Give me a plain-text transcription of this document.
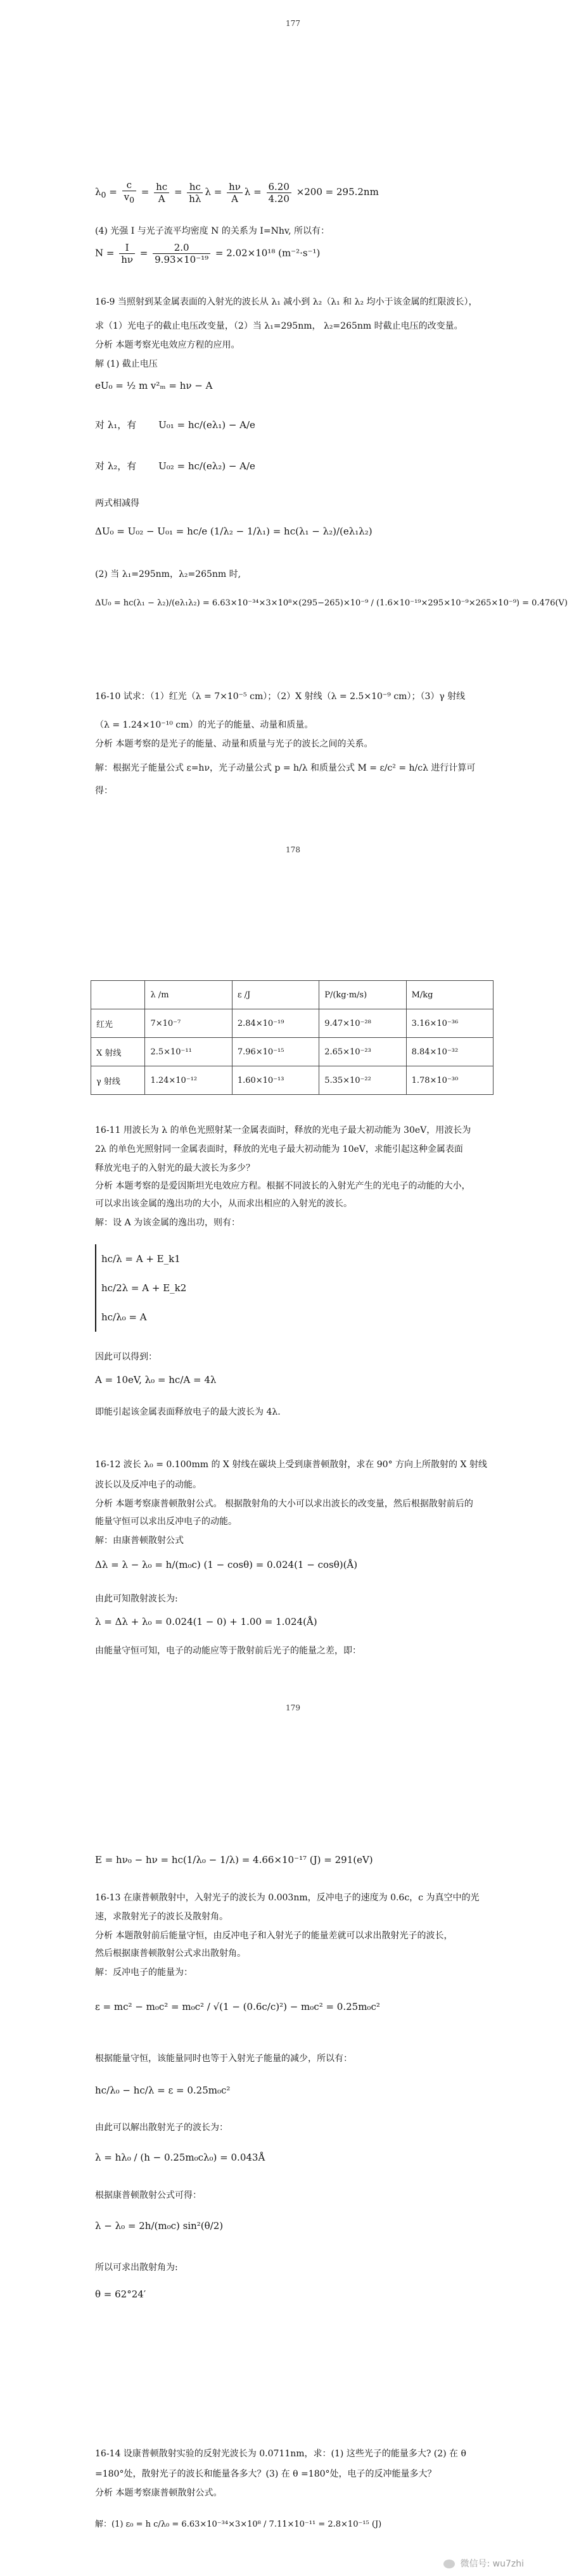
177
$\lambda_0 = \frac{c}{v_0} = \frac{hc}{A} = \frac{hc}{h\lambda}$ $\lambda = \frac{h\nu}{A}$ $\lambda = \frac{6.20}{4.20} \times 200 = 295.2nm$
(4) 光强 I 与光子流平均密度 N 的关系为 I=Nhv, 所以有：
$N = \frac{I}{h\nu} = \frac{2.0}{\text{9.93×10⁻¹⁹}} = 2.02\times 10^{18}$ (m⁻²·s⁻¹)
16-9 当照射到某金属表面的入射光的波长从 λ₁ 减小到 λ₂（λ₁ 和 λ₂ 均小于该金属的红限波长），
求（1）光电子的截止电压改变量，（2）当 λ₁=295nm， λ₂=265nm 时截止电压的改变量。
分析 本题考察光电效应方程的应用。
解 (1) 截止电压
eU₀ = ½ m v²ₘ = hν − A
对 λ₁，有 U₀₁ = hc/(eλ₁) − A/e
对 λ₂，有 U₀₂ = hc/(eλ₂) − A/e
两式相减得
ΔU₀ = U₀₂ − U₀₁ = hc/e (1/λ₂ − 1/λ₁) = hc(λ₁ − λ₂)/(eλ₁λ₂)
(2) 当 λ₁=295nm，λ₂=265nm 时,
ΔU₀ = hc(λ₁ − λ₂)/(eλ₁λ₂) = 6.63×10⁻³⁴×3×10⁸×(295−265)×10⁻⁹ / (1.6×10⁻¹⁹×295×10⁻⁹×265×10⁻⁹) = 0.476(V)
16-10 试求：（1）红光（λ = 7×10⁻⁵ cm）；（2）X 射线（λ = 2.5×10⁻⁹ cm）；（3）γ 射线
（λ = 1.24×10⁻¹⁰ cm）的光子的能量、动量和质量。
分析 本题考察的是光子的能量、动量和质量与光子的波长之间的关系。
解：根据光子能量公式 ε=hν，光子动量公式 p = h/λ 和质量公式 M = ε/c² = h/cλ 进行计算可
得：
178
	λ /m	ε /J	P/(kg·m/s)	M/kg
红光	7×10⁻⁷	2.84×10⁻¹⁹	9.47×10⁻²⁸	3.16×10⁻³⁶
X 射线	2.5×10⁻¹¹	7.96×10⁻¹⁵	2.65×10⁻²³	8.84×10⁻³²
γ 射线	1.24×10⁻¹²	1.60×10⁻¹³	5.35×10⁻²²	1.78×10⁻³⁰
16-11 用波长为 λ 的单色光照射某一金属表面时，释放的光电子最大初动能为 30eV，用波长为
2λ 的单色光照射同一金属表面时，释放的光电子最大初动能为 10eV，求能引起这种金属表面
释放光电子的入射光的最大波长为多少？
分析 本题考察的是爱因斯坦光电效应方程。根据不同波长的入射光产生的光电子的动能的大小，
可以求出该金属的逸出功的大小，从而求出相应的入射光的波长。
解：设 A 为该金属的逸出功，则有：
hc/λ = A + E_k1
hc/2λ = A + E_k2
hc/λ₀ = A
因此可以得到：
A = 10eV, λ₀ = hc/A = 4λ
即能引起该金属表面释放电子的最大波长为 4λ.
16-12 波长 λ₀ = 0.100mm 的 X 射线在碳块上受到康普顿散射，求在 90° 方向上所散射的 X 射线
波长以及反冲电子的动能。
分析 本题考察康普顿散射公式。 根据散射角的大小可以求出波长的改变量，然后根据散射前后的
能量守恒可以求出反冲电子的动能。
解：由康普顿散射公式
Δλ = λ − λ₀ = h/(m₀c) (1 − cosθ) = 0.024(1 − cosθ)(Å)
由此可知散射波长为:
λ = Δλ + λ₀ = 0.024(1 − 0) + 1.00 = 1.024(Å)
由能量守恒可知，电子的动能应等于散射前后光子的能量之差，即：
179
E = hν₀ − hν = hc(1/λ₀ − 1/λ) = 4.66×10⁻¹⁷ (J) = 291(eV)
16-13 在康普顿散射中，入射光子的波长为 0.003nm，反冲电子的速度为 0.6c，c 为真空中的光
速，求散射光子的波长及散射角。
分析 本题散射前后能量守恒，由反冲电子和入射光子的能量差就可以求出散射光子的波长，
然后根据康普顿散射公式求出散射角。
解：反冲电子的能量为：
ε = mc² − m₀c² = m₀c² / √(1 − (0.6c/c)²) − m₀c² = 0.25m₀c²
根据能量守恒，该能量同时也等于入射光子能量的减少，所以有：
hc/λ₀ − hc/λ = ε = 0.25m₀c²
由此可以解出散射光子的波长为：
λ = hλ₀ / (h − 0.25m₀cλ₀) = 0.043Å
根据康普顿散射公式可得：
λ − λ₀ = 2h/(m₀c) sin²(θ/2)
所以可求出散射角为:
θ = 62°24′
16-14 设康普顿散射实验的反射光波长为 0.0711nm，求：(1) 这些光子的能量多大? (2) 在 θ
=180°处，散射光子的波长和能量各多大？(3) 在 θ =180°处，电子的反冲能量多大？
分析 本题考察康普顿散射公式。
解：(1) ε₀ = h c/λ₀ = 6.63×10⁻³⁴×3×10⁸ / 7.11×10⁻¹¹ = 2.8×10⁻¹⁵ (J)
微信号: wu7zhi
